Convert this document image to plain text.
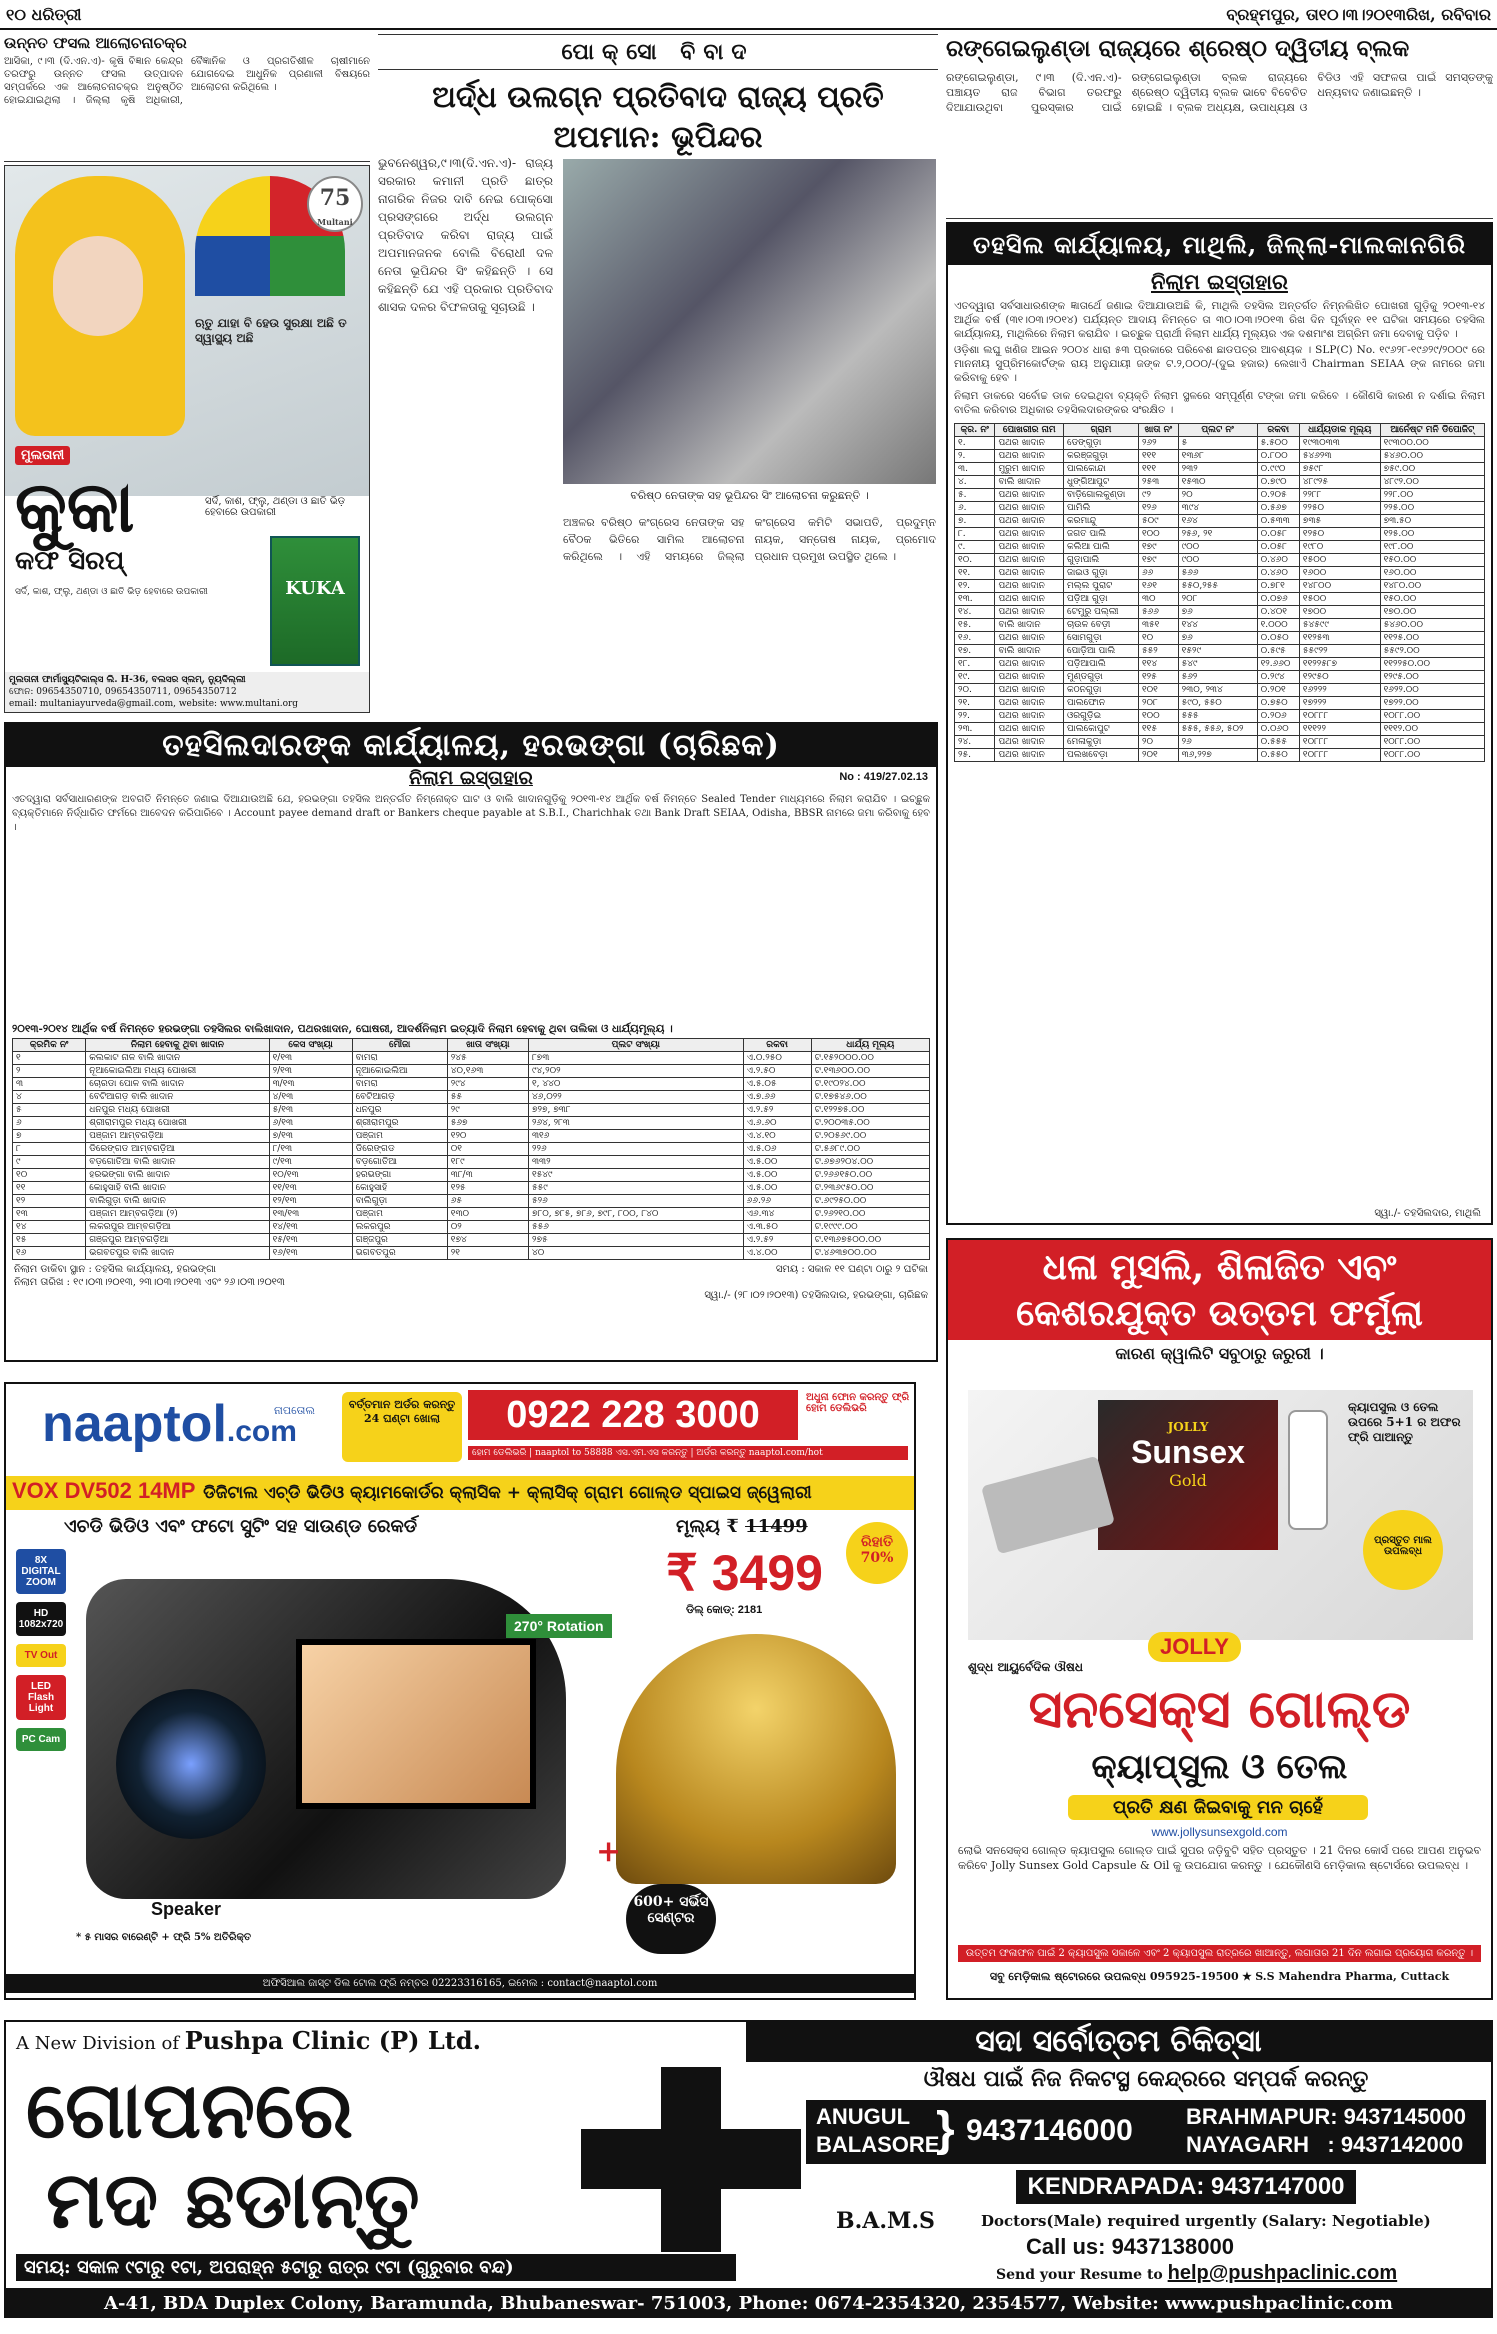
୧୦ ଧରିତ୍ରୀ	ବ୍ରହ୍ମପୁର, ତା୧୦।୩।୨୦୧୩ରିଖ, ରବିବାର
ଉନ୍ନତ ଫସଲ ଆଲୋଚନାଚକ୍ର
ଆସିକା, ୯।୩ (ଦି.ଏନ.ଏ)- କୃଷି ବିଜ୍ଞାନ କେନ୍ଦ୍ର ତରଫରୁ ଉନ୍ନତ ଫସଲ ଉତ୍ପାଦନ ସମ୍ପର୍କରେ ଏକ ଆଲୋଚନାଚକ୍ର ଅନୁଷ୍ଠିତ ହୋଇଯାଇଥିଲା । ଜିଲ୍ଲା କୃଷି ଅଧିକାରୀ, ବୈଜ୍ଞାନିକ ଓ ପ୍ରଗତିଶୀଳ ଚାଷୀମାନେ ଯୋଗଦେଇ ଆଧୁନିକ ପ୍ରଣାଳୀ ବିଷୟରେ ଆଲୋଚନା କରିଥିଲେ ।
75
Multani
ଋତୁ ଯାହା ବି ହେଉ ସୁରକ୍ଷା ଅଛି ତ ସ୍ୱାସ୍ଥ୍ୟ ଅଛି
ମୁଲତାନୀ
କୁକା
କଫ ସିରପ୍
ସର୍ଦି, କାଶ, ଫ୍ଲୁ, ଥଣ୍ଡା ଓ ଛାତି ଭିଡ଼ ହେବାରେ ଉପକାରୀ
KUKA
ସର୍ଦି, କାଶ, ଫ୍ଲୁ, ଥଣ୍ଡା ଓ ଛାତି ଭିଡ଼ ହେବାରେ ଉପକାରୀ
ମୁଲତାନୀ ଫାର୍ମାସ୍ୟୁଟିକାଲ୍ସ ଲି. H-36, ବଲସର ସ୍ଲମ୍, ନ୍ୟୁଦିଲ୍ଲୀ
ଫୋନ: 09654350710, 09654350711, 09654350712
email: multaniayurveda@gmail.com, website: www.multani.org
ପୋକ୍ସୋ ବିବାଦ
ଅର୍ଦ୍ଧ ଉଲଗ୍ନ ପ୍ରତିବାଦ ରାଜ୍ୟ ପ୍ରତି ଅପମାନ: ଭୂପିନ୍ଦର
ଭୁବନେଶ୍ୱର,୯।୩(ଦି.ଏନ.ଏ)- ରାଜ୍ୟ ସରକାର କମାନୀ ପ୍ରତି ଛାତ୍ର ନାଗରିକ ନିଜର ଦାବି ନେଇ ପୋକ୍ସୋ ପ୍ରସଙ୍ଗରେ ଅର୍ଦ୍ଧ ଉଲଗ୍ନ ପ୍ରତିବାଦ କରିବା ରାଜ୍ୟ ପାଇଁ ଅପମାନଜନକ ବୋଲି ବିରୋଧୀ ଦଳ ନେତା ଭୂପିନ୍ଦର ସିଂ କହିଛନ୍ତି । ସେ କହିଛନ୍ତି ଯେ ଏହି ପ୍ରକାର ପ୍ରତିବାଦ ଶାସକ ଦଳର ବିଫଳତାକୁ ସୂଚାଉଛି ।
ବରିଷ୍ଠ ନେତାଙ୍କ ସହ ଭୂପିନ୍ଦର ସିଂ ଆଲୋଚନା କରୁଛନ୍ତି ।
ଅଞ୍ଚଳର ବରିଷ୍ଠ କଂଗ୍ରେସ ନେତାଙ୍କ ସହ ବୈଠକ ଭିତିରେ ସାମିଲ ଆଲୋଚନା କରିଥିଲେ । ଏହି ସମୟରେ ଜିଲ୍ଲା କଂଗ୍ରେସ କମିଟି ସଭାପତି, ପ୍ରଦୁମ୍ନ ନାୟକ, ସନ୍ତୋଷ ନାୟକ, ପ୍ରମୋଦ ପ୍ରଧାନ ପ୍ରମୁଖ ଉପସ୍ଥିତ ଥିଲେ ।
ରଙ୍ଗେଇଲୁଣ୍ଡା ରାଜ୍ୟରେ ଶ୍ରେଷ୍ଠ ଦ୍ୱିତୀୟ ବ୍ଲକ
ରଙ୍ଗେଇଲୁଣ୍ଡା, ୯।୩ (ଦି.ଏନ.ଏ)- ପଞ୍ଚାୟତ ରାଜ ବିଭାଗ ତରଫରୁ ଦିଆଯାଉଥିବା ପୁରସ୍କାର ପାଇଁ ରଙ୍ଗେଇଲୁଣ୍ଡା ବ୍ଲକ ରାଜ୍ୟରେ ଶ୍ରେଷ୍ଠ ଦ୍ୱିତୀୟ ବ୍ଲକ ଭାବେ ବିବେଚିତ ହୋଇଛି । ବ୍ଲକ ଅଧ୍ୟକ୍ଷ, ଉପାଧ୍ୟକ୍ଷ ଓ ବିଡିଓ ଏହି ସଫଳତା ପାଇଁ ସମସ୍ତଙ୍କୁ ଧନ୍ୟବାଦ ଜଣାଇଛନ୍ତି ।
ତହସିଲ କାର୍ଯ୍ୟାଳୟ, ମାଥିଲି, ଜିଲ୍ଲା-ମାଲକାନଗିରି
ନିଲାମ ଇସ୍ତାହାର
ଏତଦ୍ୱାରା ସର୍ବସାଧାରଣଙ୍କ ଜ୍ଞାତାର୍ଥେ ଜଣାଇ ଦିଆଯାଉଅଛି କି, ମାଥିଲି ତହସିଲ ଅନ୍ତର୍ଗତ ନିମ୍ନଲିଖିତ ପୋଖରୀ ଗୁଡ଼ିକୁ ୨୦୧୩-୧୪ ଆର୍ଥିକ ବର୍ଷ (୩୧।୦୩।୨୦୧୪) ପର୍ଯ୍ୟନ୍ତ ଆଦାୟ ନିମନ୍ତେ ତା ୩୦।୦୩।୨୦୧୩ ରିଖ ଦିନ ପୂର୍ବାହ୍ନ ୧୧ ଘଟିକା ସମୟରେ ତହସିଲ କାର୍ଯ୍ୟାଳୟ, ମାଥିଲିରେ ନିଲାମ କରାଯିବ । ଇଚ୍ଛୁକ ପ୍ରାର୍ଥୀ ନିଲାମ ଧାର୍ଯ୍ୟ ମୂଲ୍ୟର ଏକ ଦଶମାଂଶ ଅଗ୍ରିମ ଜମା ଦେବାକୁ ପଡ଼ିବ ।
ଓଡ଼ିଶା ଲଘୁ ଖଣିଜ ଆଇନ ୨୦୦୪ ଧାରା ୫୩ ପ୍ରକାରେ ପରିବେଶ ଛାଡପତ୍ର ଆବଶ୍ୟକ । SLP(C) No. ୧୯୬୨୮-୧୯୬୨୯/୨୦୦୯ ରେ ମାନନୀୟ ସୁପ୍ରିମକୋର୍ଟଙ୍କ ରାୟ ଅନୁଯାୟୀ ଜଙ୍କ ଟ.୨,୦୦୦/-(ଦୁଇ ହଜାର) ଲେଖାଏଁ Chairman SEIAA ଙ୍କ ନାମରେ ଜମା କରିବାକୁ ହେବ ।
ନିଲାମ ଡାକରେ ସର୍ବୋଚ୍ଚ ଡାକ ଦେଇଥିବା ବ୍ୟକ୍ତି ନିଲାମ ସ୍ଥଳରେ ସମ୍ପୂର୍ଣ୍ଣ ଟଙ୍କା ଜମା କରିବେ । କୌଣସି କାରଣ ନ ଦର୍ଶାଇ ନିଲାମ ବାତିଲ କରିବାର ଅଧିକାର ତହସିଲଦାରଙ୍କର ସଂରକ୍ଷିତ ।
କ୍ର. ନଂ	ପୋଖରୀର ନାମ	ଗ୍ରାମ	ଖାତା ନଂ	ପ୍ଲଟ ନଂ	ରକବା	ଧାର୍ଯ୍ୟଡାକ ମୂଲ୍ୟ	ଆର୍ନେଷ୍ଟ ମନି ଡିପୋଜିଟ୍
୧.	ପଥର ଖାଦାନ	ଡେଙ୍ଗୁଡ଼ା	୨୬୨	୫	୫.୫୦୦	୧୯୩୦୩୩	୧୯୩୦୦.୦୦
୨.	ପଥର ଖାଦାନ	କରଞ୍ଜଗୁଡ଼ା	୧୧୧	୧୩୬୮	୦.୮୦୦	୫୪୬୨୩	୫୪୬୦.୦୦
୩.	ମୁରୁମ ଖାଦାନ	ପାଲକୋନ୍ଦା	୧୧୧	୨୩୨	୦.୯୯୦	୭୫୯୮	୭୫୯.୦୦
୪.	ବାଲି ଖାଦାନ	ଧୁଙ୍ଗିଆପୁଟ	୨୫୩	୧୫୩୦	୦.୭୯୦	୪୮୯୨୫	୪୮୯୨.୦୦
୫.	ପଥର ଖାଦାନ	ବାଡ଼ିଗୋଲକୁଣ୍ଡା	୯୨	୨୦	୦.୨୦୫	୨୨୮୮	୨୨୮.୦୦
୬.	ପଥର ଖାଦାନ	ପାମିଲି	୧୨୬	୩୯୪	୦.୫୬୭	୨୨୫୦	୨୨୫.୦୦
୭.	ପଥର ଖାଦାନ	କରମାନ୍ଦୁ	୫୦୯	୧୬୪	୦.୫୩୩	୭୩୫	୭୩.୫୦
୮.	ପଥର ଖାଦାନ	ଜଗତ ପାଲି	୧୦୦	୨୫୬, ୨୧	୦.୦୫୮	୧୨୫୦	୧୨୫.୦୦
୯.	ପଥର ଖାଦାନ	କଲିଆ ପାଲି	୧୭୯	୯୦୦	୦.୦୫୮	୧୯୮୦	୧୯୮.୦୦
୧୦.	ପଥର ଖାଦାନ	ଗୁଡ଼ାପାଲି	୧୭୯	୯୦୦	୦.୪୬୦	୧୫୦୦	୧୫୦.୦୦
୧୧.	ପଥର ଖାଦାନ	ଜାଇଓ ଗୁଡ଼ା	୬୬	୫୬୬	୦.୪୬୦	୧୬୦୦	୧୬୦.୦୦
୧୨.	ପଥର ଖାଦାନ	ମଲ୍ଲ ପୁରାଟ	୧୬୧	୫୫୦,୨୫୫	୦.୭୮୧	୧୪୮୦୦	୧୪୮୦.୦୦
୧୩.	ପଥର ଖାଦାନ	ପଡ଼ିଆ ଗୁଡ଼ା	୩୦	୨୦୮	୦.୦୭୬	୧୫୦୦	୧୫୦.୦୦
୧୪.	ପଥର ଖାଦାନ	ଟେମୁରୁ ପଲ୍ଲୀ	୫୬୬	୭୬	୦.୪୦୧	୧୭୦୦	୧୭୦.୦୦
୧୫.	ବାଲି ଖାଦାନ	ଚାଉଳ ବେଡ଼ୀ	୩୫୧	୧୪୪	୧.୦୦୦	୫୪୫୯୯	୫୪୬୦.୦୦
୧୬.	ପଥର ଖାଦାନ	ସୋମଗୁଡ଼ା	୧୦	୭୬	୦.୦୫୦	୧୧୨୫୩	୧୧୨୫.୦୦
୧୭.	ବାଲି ଖାଦାନ	ପୋଡ଼ିଆ ପାଲି	୫୫୨	୧୫୨୯	୦.୫୯୫	୫୫୯୨୨	୫୫୯୨.୦୦
୧୮.	ପଥର ଖାଦାନ	ପଡ଼ିଆପାଲି	୧୧୪	୫୪୯	୧୨.୬୬୦	୧୧୨୨୫୮୭	୧୧୨୨୫୦.୦୦
୧୯.	ପଥର ଖାଦାନ	ମୁଣ୍ଡଗୁଡ଼ା	୧୨୫	୫୬୨	୦.୨୯୪	୧୨୯୫୦	୧୨୯୫.୦୦
୨୦.	ପଥର ଖାଦାନ	କଠନଗୁଡ଼ା	୧୦୧	୨୩୦, ୨୩୪	୦.୨୦୧	୧୬୨୨୨	୧୬୨୨.୦୦
୨୧.	ପଥର ଖାଦାନ	ପାଲଫୋନ	୨୦୮	୫୯୦, ୫୫୦	୦.୭୫୦	୧୭୨୨୨	୧୭୨୨.୦୦
୨୨.	ପଥର ଖାଦାନ	ଓରଗୁଡ଼ିଇ	୧୦୦	୫୫୫	୦.୨୦୬	୧୦୮୮୮	୧୦୮୮.୦୦
୨୩.	ପଥର ଖାଦାନ	ପାଲକୋପୁଟ	୧୧୫	୫୫୫, ୫୫୬, ୫୦୨	୦.୦୬୦	୧୧୧୨୨	୧୧୧୨.୦୦
୨୪.	ପଥର ଖାଦାନ	ମେଳାକୁଡ଼ା	୨୦	୨୬	୦.୫୫୫	୧୦୮୮୮	୧୦୮୮.୦୦
୨୫.	ପଥର ଖାଦାନ	ପଲଖବେଡ଼ା	୨୦୧	୩୬,୨୨୭	୦.୫୫୦	୧୦୮୮୮	୧୦୮୮.୦୦
ସ୍ୱା./- ତହସିଲଦାର, ମାଥିଲି
ତହସିଲଦାରଙ୍କ କାର୍ଯ୍ୟାଳୟ, ହରଭଙ୍ଗା (ଚାରିଛକ)
ନିଲାମ ଇସ୍ତାହାର	No : 419/27.02.13
ଏତଦ୍ୱାରା ସର୍ବସାଧାରଣଙ୍କ ଅବଗତି ନିମନ୍ତେ ଜଣାଇ ଦିଆଯାଉଅଛି ଯେ, ହରଭଙ୍ଗା ତହସିଲ ଅନ୍ତର୍ଗତ ନିମ୍ନୋକ୍ତ ଘାଟ ଓ ବାଲି ଖାଦାନଗୁଡ଼ିକୁ ୨୦୧୩-୧୪ ଆର୍ଥିକ ବର୍ଷ ନିମନ୍ତେ Sealed Tender ମାଧ୍ୟମରେ ନିଲାମ କରାଯିବ । ଇଚ୍ଛୁକ ବ୍ୟକ୍ତିମାନେ ନିର୍ଦ୍ଧାରିତ ଫର୍ମରେ ଆବେଦନ କରିପାରିବେ । Account payee demand draft or Bankers cheque payable at S.B.I., Charichhak ତଥା Bank Draft SEIAA, Odisha, BBSR ନାମରେ ଜମା କରିବାକୁ ହେବ ।
୨୦୧୩-୨୦୧୪ ଆର୍ଥିକ ବର୍ଷ ନିମନ୍ତେ ହରଭଙ୍ଗା ତହସିଲର ବାଲିଖାଦାନ, ପଥରଖାଦାନ, ଘୋଷରୀ, ଆଦର୍ଶନିଲାମ ଇତ୍ୟାଦି ନିଲାମ ହେବାକୁ ଥିବା ତାଲିକା ଓ ଧାର୍ଯ୍ୟମୂଲ୍ୟ ।
କ୍ରମିକ ନଂ	ନିଲାମ ହେବାକୁ ଥିବା ଖାଦାନ	କେସ ସଂଖ୍ୟା	ମୌଜା	ଖାତା ସଂଖ୍ୟା	ପ୍ଲଟ ସଂଖ୍ୟା	ରକବା	ଧାର୍ଯ୍ୟ ମୂଲ୍ୟ
୧	କଲକାଟ ନାଳ ବାଲି ଖାଦାନ	୧/୧୩	ବାମରା	୨୪୫	୮୭୩	ଏ.୦.୨୫୦	ଟ.୧୫୨୦୦୦.୦୦
୨	ନୂଆକୋଇଲିଆ ମଧ୍ୟ ପୋଖରୀ	୨/୧୩	ନୂଆକୋଇଲିଆ	୪୦,୧୬୩	୯୪,୨୦୨	ଏ.୨.୫୦	ଟ.୧୩୬୦୦.୦୦
୩	ଚୋରଡା ପୋଳ ବାଲି ଖାଦାନ	୩/୧୩	ବାମରା	୨୯୪	୧, ୪୪୦	ଏ.୫.୦୫	ଟ.୧୯୦୨୪.୦୦
୪	ବେଟିଆଗଡ଼ ବାଲି ଖାଦାନ	୪/୧୩	ବେଟିଆଗଡ଼	୫୫	୪୬,୦୨୨	ଏ.୭.୬୬	ଟ.୧୭୫୪୬.୦୦
୫	ଧନପୁର ମଧ୍ୟ ପୋଖରୀ	୫/୧୩	ଧନପୁର	୨୯	୭୨୭, ୭୩୮	ଏ.୨.୫୨	ଟ.୧୨୨୭୫.୦୦
୬	ଶ୍ରୀରାମପୁର ମଧ୍ୟ ପୋଖରୀ	୬/୧୩	ଶ୍ରୀରାମପୁର	୫୬୭	୨୬୪, ୨୮୩	ଏ.୬.୬୦	ଟ.୨୦୦୩୫.୦୦
୭	ପଞ୍ଜାମ ଆମ୍ବଗଡ଼ିଆ	୭/୧୩	ପଞ୍ଜାମ	୧୨୦	୩୧୬	ଏ.୪.୧୦	ଟ.୨୦୫୬୯.୦୦
୮	ଡିରେଙ୍ଗଡ ଆମ୍ବଗଡ଼ିଆ	୮/୧୩	ଡିରେଙ୍ଗଡ	୦୧	୨୨୬	ଏ.୫.୦୬	ଟ.୫୬୮୯.୦୦
୯	ବଡ଼ଗୋତିଆ ବାଲି ଖାଦାନ	୯/୧୩	ବଡ଼ଗୋତିଆ	୧୮୯	୩୩୨	ଏ.୫.୦୦	ଟ.୬୭୬୨୦୪.୦୦
୧୦	ହରଭଙ୍ଗା ବାଲି ଖାଦାନ	୧୦/୧୩	ହରଭଙ୍ଗା	୩୮/୩	୧୫୪୯	ଏ.୫.୦୦	ଟ.୨୬୬୧୫୦.୦୦
୧୧	କୋହୁସାହି ବାଲି ଖାଦାନ	୧୧/୧୩	କୋହୁସାହି	୧୨୫	୫୫୯	ଏ.୫.୦୦	ଟ.୨୩୬୯୫୦.୦୦
୧୨	ବାଲିଗୁଡ଼ା ବାଲି ଖାଦାନ	୧୨/୧୩	ବାଲିଗୁଡ଼ା	୬୫	୫୨୬	୬୬.୨୬	ଟ.୬୯୨୫୦.୦୦
୧୩	ପଞ୍ଜାମ ଆମ୍ବଗଡ଼ିଆ (୨)	୧୩/୧୩	ପଞ୍ଜାମ	୧୩୦	୭୮୦, ୭୮୫, ୭୮୬, ୭୯୮, ୮୦୦, ୮୪୦	ଏ୬.୩୪	ଟ.୨୬୨୧୦.୦୦
୧୪	ଲକରପୁର ଆମ୍ବଗଡ଼ିଆ	୧୪/୧୩	ଲକରପୁର	୦୨	୫୫୬	ଏ.୩.୫୦	ଟ.୧୯୯୯.୦୦
୧୫	ଗଞ୍ଜପୁର ଆମ୍ବଗଡ଼ିଆ	୧୫/୧୩	ଗଞ୍ଜପୁର	୧୭୪	୨୭୫	ଏ.୨.୫୨	ଟ.୧୩୬୭୫୦୦.୦୦
୧୬	ଭଗବତପୁର ବାଲି ଖାଦାନ	୧୬/୧୩	ଭଗବତପୁର	୨୧	୪୦	ଏ.୪.୦୦	ଟ.୪୬୩୭୦୦.୦୦
ନିଲାମ ଡାକିବା ସ୍ଥାନ : ତହସିଲ କାର୍ଯ୍ୟାଳୟ, ହରଭଙ୍ଗା	ସମୟ : ସକାଳ ୧୧ ଘଣ୍ଟା ଠାରୁ ୨ ଘଟିକା
ନିଲାମ ତାରିଖ : ୧୯।୦୩।୨୦୧୩, ୨୩।୦୩।୨୦୧୩ ଏବଂ ୨୬।୦୩।୨୦୧୩
ସ୍ୱା./- (୨୮।୦୨।୨୦୧୩) ତହସିଲଦାର, ହରଭଙ୍ଗା, ଚାରିଛକ
naaptol.com
ନାପତୋଲ	ବର୍ତ୍ତମାନ ଅର୍ଡର କରନ୍ତୁ 24 ଘଣ୍ଟା ଖୋଲା	0922 228 3000	ଅଧୁନା ଫୋନ କରନ୍ତୁ ଫ୍ରି ହୋମ ଡେଲିଭରି
ହୋମ ଡେଲିଭରି | naaptol to 58888 ଏସ.ଏମ.ଏସ କରନ୍ତୁ | ଅର୍ଡର କରନ୍ତୁ naaptol.com/hot
VOX DV502 14MP ଡିଜିଟାଲ ଏଚ୍‌ଡି ଭିଡିଓ କ୍ୟାମକୋର୍ଡର କ୍ଲାସିକ + କ୍ଲାସିକ୍ ଗ୍ରାମ ଗୋଲ୍ଡ ସ୍ପାଇସ ଜ୍ୱେଲାରୀ
ଏଚଡି ଭିଡିଓ ଏବଂ ଫଟୋ ସୁଟିଂ ସହ ସାଉଣ୍ଡ ରେକର୍ଡ	ମୂଲ୍ୟ ₹ 11499
₹ 3499
ରିହାତି 70%
ଡିଲ୍ କୋଡ୍: 2181
8X DIGITAL ZOOM
HD 1082x720
TV Out
LED Flash Light
PC Cam
270° Rotation
Speaker
+
600+ ସର୍ଭିସ ସେଣ୍ଟର
* ୫ ମାସର ବାରେଣ୍ଟି + ଫ୍ରି 5% ଅତିରିକ୍ତ
ଅଫିସିଆଲ ଜାସ୍ଟ ଡିଲ ଟୋଲ ଫ୍ରି ନମ୍ବର 02223316165, ଇମେଲ : contact@naaptol.com
ଧଳା ମୁସଲି, ଶିଳାଜିତ ଏବଂ
କେଶରଯୁକ୍ତ ଉତ୍ତମ ଫର୍ମୁଲା
କାରଣ କ୍ୱାଲିଟି ସବୁଠାରୁ ଜରୁରୀ ।
JOLLY
Sunsex
Gold
କ୍ୟାପସୁଲ ଓ ତେଲ ଉପରେ 5+1 ର ଅଫର ଫ୍ରି ପାଆନ୍ତୁ
ପ୍ରସ୍ତୁତ ମାଲ ଉପଲବ୍ଧ
JOLLY
ଶୁଦ୍ଧ ଆୟୁର୍ବେଦିକ ଔଷଧ
ସନସେକ୍ସ ଗୋଲ୍ଡ
କ୍ୟାପ୍ସୁଲ ଓ ତେଲ
ପ୍ରତି କ୍ଷଣ ଜିଇବାକୁ ମନ ଚାହେଁ
www.jollysunsexgold.com
ଲୋଭି ସନସେକ୍ସ ଗୋଲ୍ଡ କ୍ୟାପସୁଲ ଗୋଲ୍ଡ ପାଇଁ ସୁପର ଜଡ଼ିବୁଟି ସହିତ ପ୍ରସ୍ତୁତ । 21 ଦିନର କୋର୍ସ ପରେ ଆପଣ ଅନୁଭବ କରିବେ Jolly Sunsex Gold Capsule & Oil କୁ ଉପଯୋଗ କରନ୍ତୁ । ଯେକୌଣସି ମେଡ଼ିକାଲ ଷ୍ଟୋର୍ସରେ ଉପଲବ୍ଧ ।
ଉତ୍ତମ ଫଳାଫଳ ପାଇଁ 2 କ୍ୟାପସୁଲ ସକାଳେ ଏବଂ 2 କ୍ୟାପସୁଲ ରାତ୍ରରେ ଖାଆନ୍ତୁ, ଲଗାତାର 21 ଦିନ ଲଗାଇ ପ୍ରୟୋଗ କରନ୍ତୁ ।
ସବୁ ମେଡ଼ିକାଲ ଷ୍ଟୋରରେ ଉପଲବ୍ଧ 095925-19500 ★ S.S Mahendra Pharma, Cuttack
A New Division of Pushpa Clinic (P) Ltd.	ସଦା ସର୍ବୋତ୍ତମ ଚିକିତ୍ସା
ଗୋପନରେ
ମଦ ଛଡାନ୍ତୁ
ସମୟ: ସକାଳ ୯ଟାରୁ ୧ଟା, ଅପରାହ୍ନ ୫ଟାରୁ ରାତ୍ର ୯ଟା (ଗୁରୁବାର ବନ୍ଦ)
ଔଷଧ ପାଇଁ ନିଜ ନିକଟସ୍ଥ କେନ୍ଦ୍ରରେ ସମ୍ପର୍କ କରନ୍ତୁ
ANUGUL
BALASORE
} 9437146000 BRAHMAPUR: 9437145000
NAYAGARH   : 9437142000
KENDRAPADA: 9437147000
B.A.M.S	Doctors(Male) required urgently (Salary: Negotiable)
Call us: 9437138000
Send your Resume to help@pushpaclinic.com
A-41, BDA Duplex Colony, Baramunda, Bhubaneswar- 751003, Phone: 0674-2354320, 2354577, Website: www.pushpaclinic.com
